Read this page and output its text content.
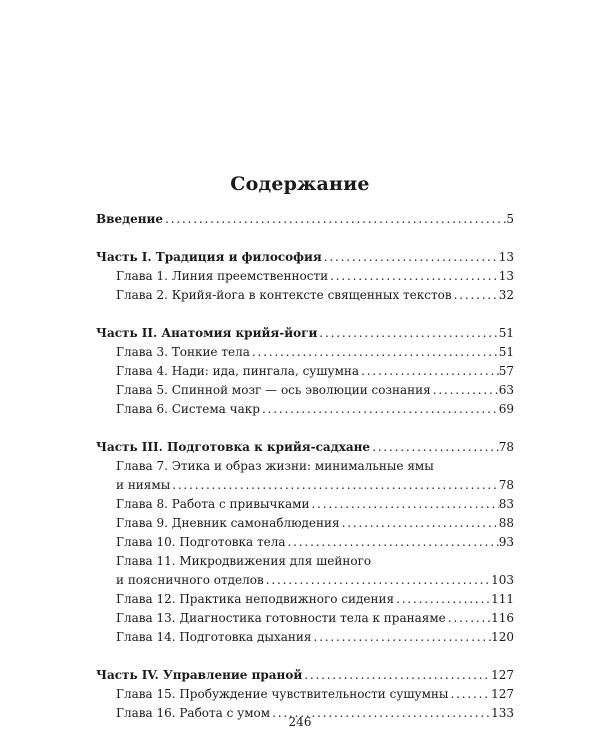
Содержание
Введение . . .	5
Часть I. Традиция и философия . . .	13
Глава 1. Линия преемственности . . .	13
Глава 2. Крийя-йога в контексте священных текстов . . .	32
Часть II. Анатомия крийя-йоги . . .	51
Глава 3. Тонкие тела . . .	51
Глава 4. Нади: ида, пингала, сушумна . . .	57
Глава 5. Спинной мозг — ось эволюции сознания . . .	63
Глава 6. Система чакр . . .	69
Часть III. Подготовка к крийя-садхане . . .	78
Глава 7. Этика и образ жизни: минимальные ямы
и ниямы . . .	78
Глава 8. Работа с привычками . . .	83
Глава 9. Дневник самонаблюдения . . .	88
Глава 10. Подготовка тела . . .	93
Глава 11. Микродвижения для шейного
и поясничного отделов . . .	103
Глава 12. Практика неподвижного сидения . . .	111
Глава 13. Диагностика готовности тела к пранаяме . . .	116
Глава 14. Подготовка дыхания . . .	120
Часть IV. Управление праной . . .	127
Глава 15. Пробуждение чувствительности сушумны . . .	127
Глава 16. Работа с умом . . .	133
246
